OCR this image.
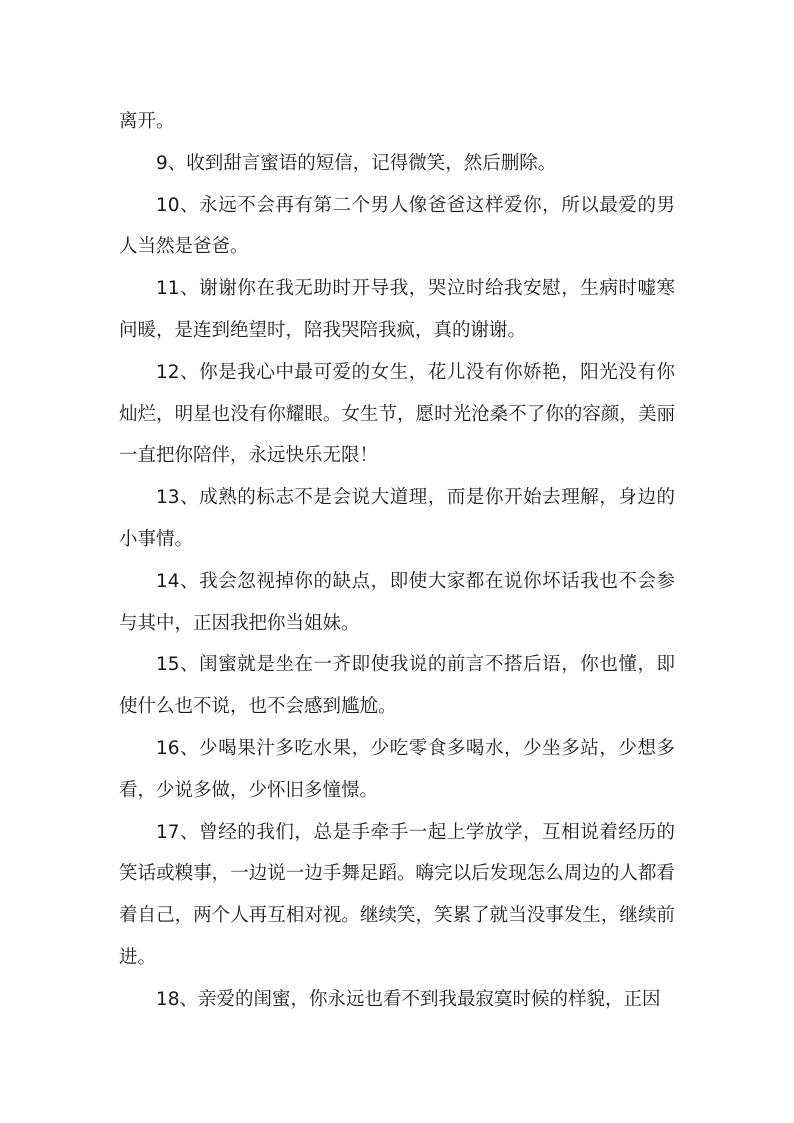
离开。

9、收到甜言蜜语的短信，记得微笑，然后删除。

10、永远不会再有第二个男人像爸爸这样爱你，所以最爱的男人当然是爸爸。

11、谢谢你在我无助时开导我，哭泣时给我安慰，生病时嘘寒问暖，是连到绝望时，陪我哭陪我疯，真的谢谢。

12、你是我心中最可爱的女生，花儿没有你娇艳，阳光没有你灿烂，明星也没有你耀眼。女生节，愿时光沧桑不了你的容颜，美丽一直把你陪伴，永远快乐无限！

13、成熟的标志不是会说大道理，而是你开始去理解，身边的小事情。

14、我会忽视掉你的缺点，即使大家都在说你坏话我也不会参与其中，正因我把你当姐妹。

15、闺蜜就是坐在一齐即使我说的前言不搭后语，你也懂，即使什么也不说，也不会感到尴尬。

16、少喝果汁多吃水果，少吃零食多喝水，少坐多站，少想多看，少说多做，少怀旧多憧憬。

17、曾经的我们，总是手牵手一起上学放学，互相说着经历的笑话或糗事，一边说一边手舞足蹈。嗨完以后发现怎么周边的人都看着自己，两个人再互相对视。继续笑，笑累了就当没事发生，继续前进。

18、亲爱的闺蜜，你永远也看不到我最寂寞时候的样貌，正因
